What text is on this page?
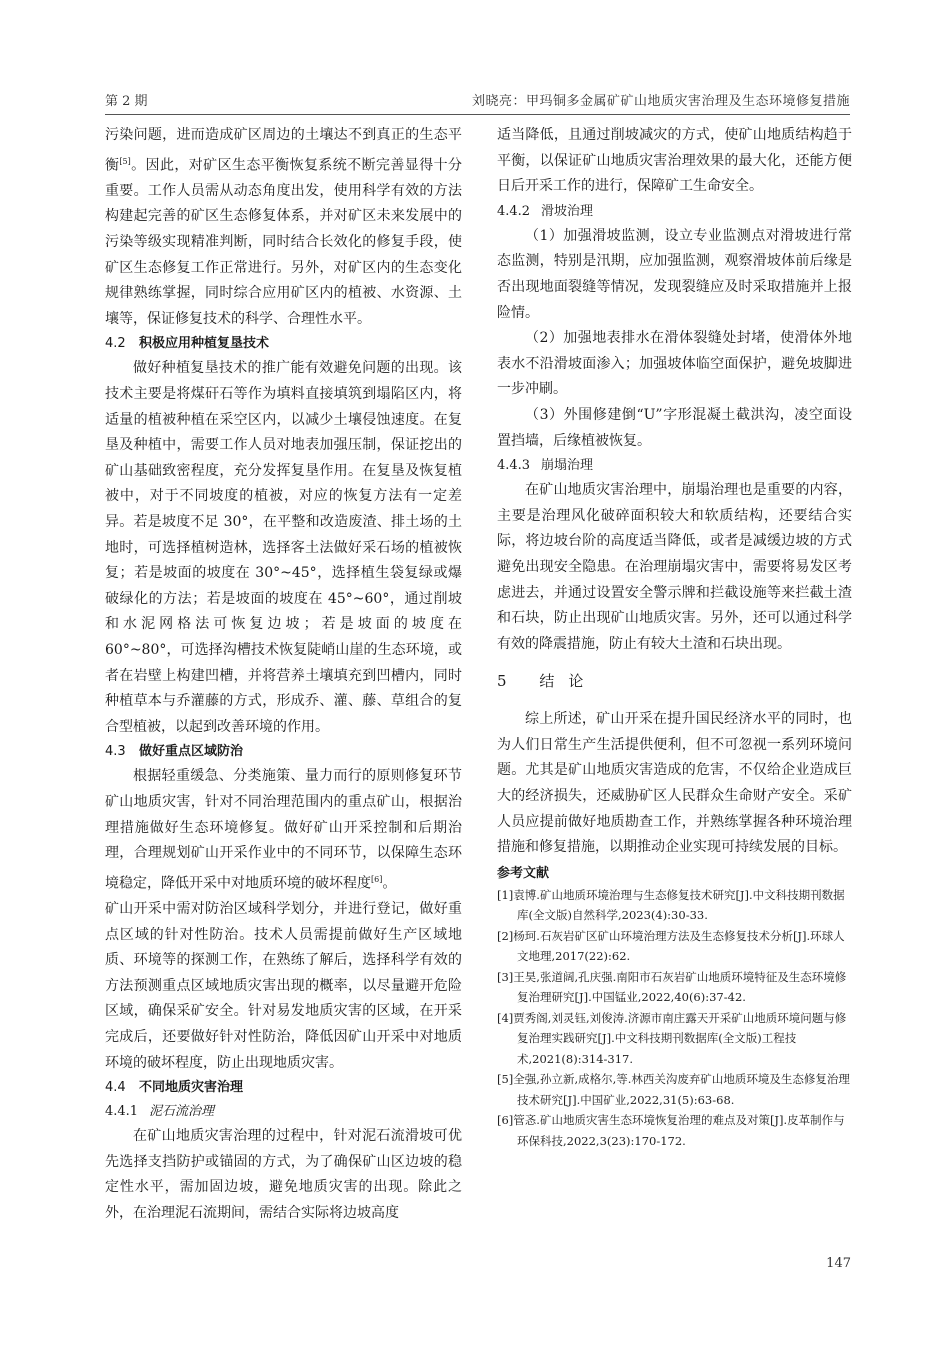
第 2 期	刘晓亮：甲玛铜多金属矿矿山地质灾害治理及生态环境修复措施

污染问题，进而造成矿区周边的土壤达不到真正的生态平衡[5]。因此，对矿区生态平衡恢复系统不断完善显得十分重要。工作人员需从动态角度出发，使用科学有效的方法构建起完善的矿区生态修复体系，并对矿区未来发展中的污染等级实现精准判断，同时结合长效化的修复手段，使矿区生态修复工作正常进行。另外，对矿区内的生态变化规律熟练掌握，同时综合应用矿区内的植被、水资源、土壤等，保证修复技术的科学、合理性水平。

4.2 积极应用种植复垦技术

做好种植复垦技术的推广能有效避免问题的出现。该技术主要是将煤矸石等作为填料直接填筑到塌陷区内，将适量的植被种植在采空区内，以减少土壤侵蚀速度。在复垦及种植中，需要工作人员对地表加强压制，保证挖出的矿山基础致密程度，充分发挥复垦作用。在复垦及恢复植被中，对于不同坡度的植被，对应的恢复方法有一定差异。若是坡度不足 30°，在平整和改造废渣、排土场的土地时，可选择植树造林，选择客土法做好采石场的植被恢复；若是坡面的坡度在 30°~45°，选择植生袋复绿或爆破绿化的方法；若是坡面的坡度在 45°~60°，通过削坡和水泥网格法可恢复边坡；若是坡面的坡度在 60°~80°，可选择沟槽技术恢复陡峭山崖的生态环境，或者在岩壁上构建凹槽，并将营养土壤填充到凹槽内，同时种植草本与乔灌藤的方式，形成乔、灌、藤、草组合的复合型植被，以起到改善环境的作用。

4.3 做好重点区域防治

根据轻重缓急、分类施策、量力而行的原则修复环节矿山地质灾害，针对不同治理范围内的重点矿山，根据治理措施做好生态环境修复。做好矿山开采控制和后期治理，合理规划矿山开采作业中的不同环节，以保障生态环境稳定，降低开采中对地质环境的破坏程度[6]。

矿山开采中需对防治区域科学划分，并进行登记，做好重点区域的针对性防治。技术人员需提前做好生产区域地质、环境等的探测工作，在熟练了解后，选择科学有效的方法预测重点区域地质灾害出现的概率，以尽量避开危险区域，确保采矿安全。针对易发地质灾害的区域，在开采完成后，还要做好针对性防治，降低因矿山开采中对地质环境的破坏程度，防止出现地质灾害。

4.4 不同地质灾害治理
4.4.1 泥石流治理

在矿山地质灾害治理的过程中，针对泥石流滑坡可优先选择支挡防护或锚固的方式，为了确保矿山区边坡的稳定性水平，需加固边坡，避免地质灾害的出现。除此之外，在治理泥石流期间，需结合实际将边坡高度

适当降低，且通过削坡减灾的方式，使矿山地质结构趋于平衡，以保证矿山地质灾害治理效果的最大化，还能方便日后开采工作的进行，保障矿工生命安全。

4.4.2 滑坡治理

（1）加强滑坡监测，设立专业监测点对滑坡进行常态监测，特别是汛期，应加强监测，观察滑坡体前后缘是否出现地面裂缝等情况，发现裂缝应及时采取措施并上报险情。

（2）加强地表排水在滑体裂缝处封堵，使滑体外地表水不沿滑坡面渗入；加强坡体临空面保护，避免坡脚进一步冲刷。

（3）外围修建倒“U”字形混凝土截洪沟，凌空面设置挡墙，后缘植被恢复。

4.4.3 崩塌治理

在矿山地质灾害治理中，崩塌治理也是重要的内容，主要是治理风化破碎面积较大和软质结构，还要结合实际，将边坡台阶的高度适当降低，或者是减缓边坡的方式避免出现安全隐患。在治理崩塌灾害中，需要将易发区考虑进去，并通过设置安全警示牌和拦截设施等来拦截土渣和石块，防止出现矿山地质灾害。另外，还可以通过科学有效的降震措施，防止有较大土渣和石块出现。

5 结论

综上所述，矿山开采在提升国民经济水平的同时，也为人们日常生产生活提供便利，但不可忽视一系列环境问题。尤其是矿山地质灾害造成的危害，不仅给企业造成巨大的经济损失，还威胁矿区人民群众生命财产安全。采矿人员应提前做好地质勘查工作，并熟练掌握各种环境治理措施和修复措施，以期推动企业实现可持续发展的目标。

参考文献

[1]袁博.矿山地质环境治理与生态修复技术研究[J].中文科技期刊数据库(全文版)自然科学,2023(4):30-33.

[2]杨珂.石灰岩矿区矿山环境治理方法及生态修复技术分析[J].环球人文地理,2017(22):62.

[3]王昊,张道阔,孔庆强.南阳市石灰岩矿山地质环境特征及生态环境修复治理研究[J].中国锰业,2022,40(6):37-42.

[4]贾秀阁,刘灵钰,刘俊涛.济源市南庄露天开采矿山地质环境问题与修复治理实践研究[J].中文科技期刊数据库(全文版)工程技术,2021(8):314-317.

[5]全强,孙立新,成格尔,等.林西关沟废弃矿山地质环境及生态修复治理技术研究[J].中国矿业,2022,31(5):63-68.

[6]管忞.矿山地质灾害生态环境恢复治理的难点及对策[J].皮革制作与环保科技,2022,3(23):170-172.

147
